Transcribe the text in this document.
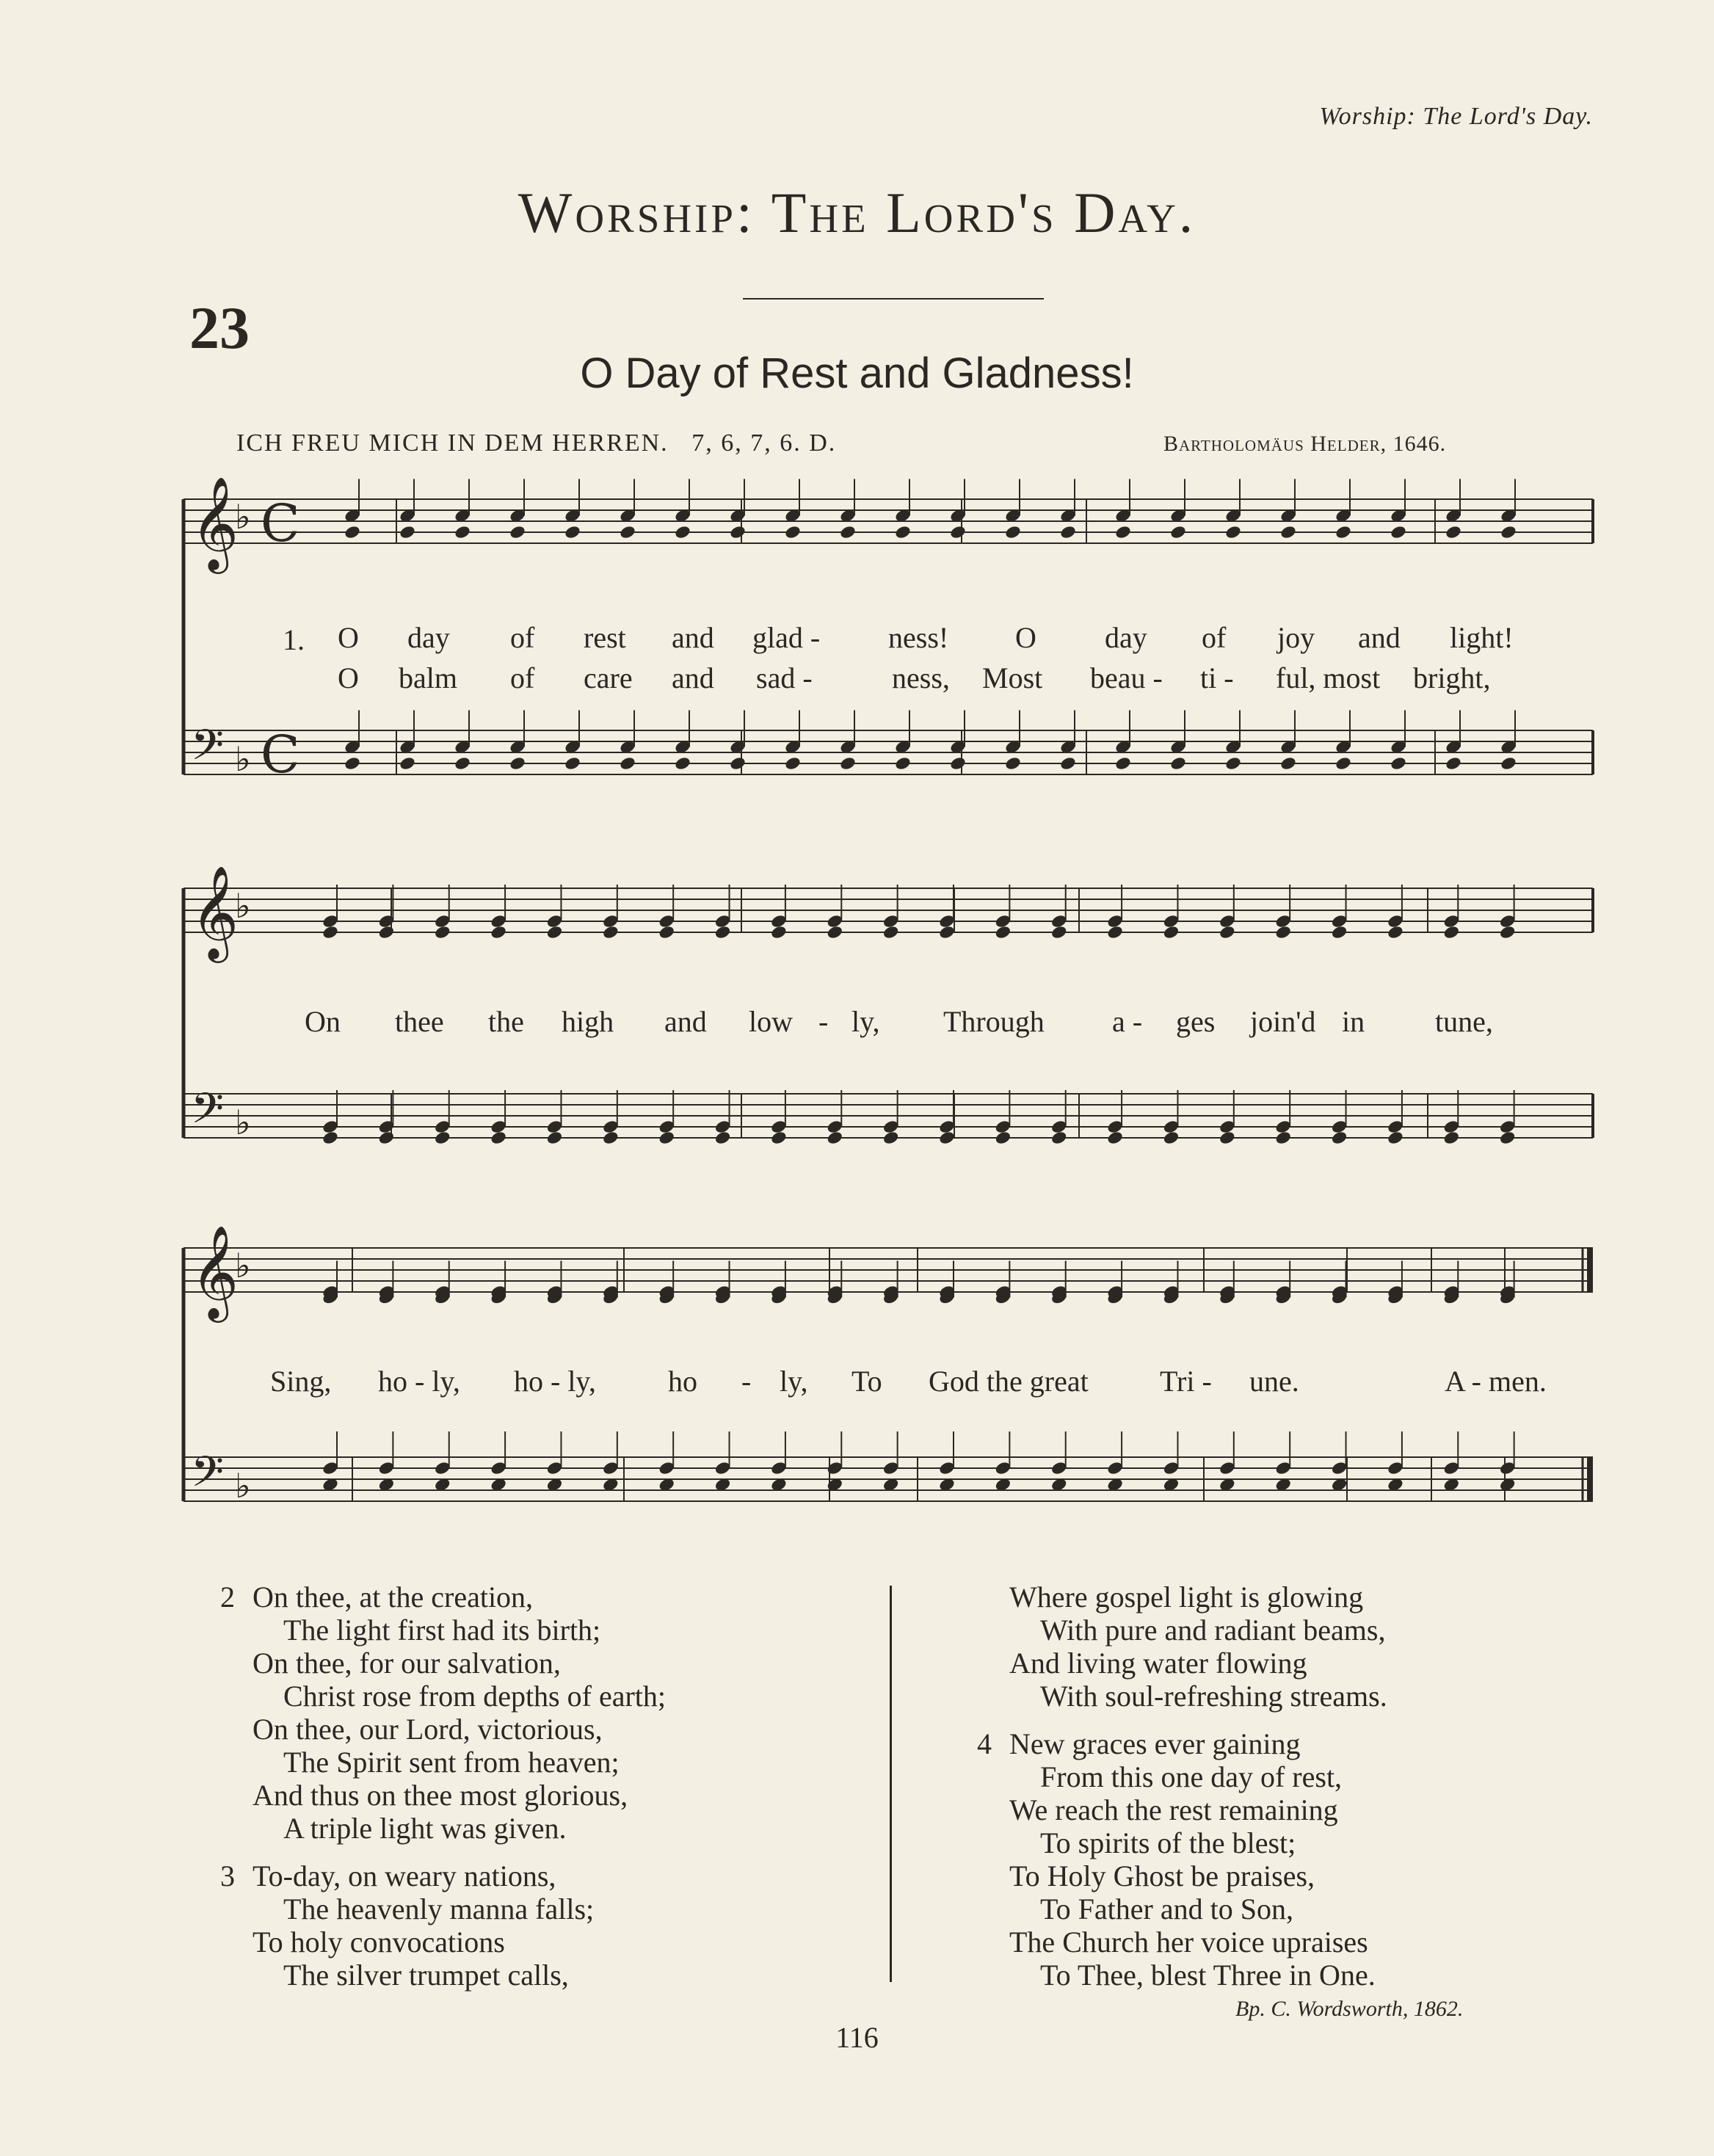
Worship: The Lord's Day.
Worship: The Lord's Day.
23
O Day of Rest and Gladness!
ICH FREU MICH IN DEM HERREN. 7, 6, 7, 6. D.	Bartholomäus Helder, 1646.
𝄞
♭ C
𝄢 ♭ C
𝄞
♭
𝄢 ♭
𝄞
♭
𝄢 ♭
O day of rest and glad - ness! O day of joy and light!
O balm of care and sad -	ness, Most beau - ti - ful, most bright,
On thee the high and low - ly, Through a - ges join'd in tune,
Sing, ho - ly, ho - ly, ho - ly, To God the great Tri - une.	A - men.
1.
2 On thee, at the creation,
The light first had its birth;
On thee, for our salvation,
Christ rose from depths of earth;
On thee, our Lord, victorious,
The Spirit sent from heaven;
And thus on thee most glorious,
A triple light was given.
3 To-day, on weary nations,
The heavenly manna falls;
To holy convocations
The silver trumpet calls,
Where gospel light is glowing
With pure and radiant beams,
And living water flowing
With soul-refreshing streams.
4 New graces ever gaining
From this one day of rest,
We reach the rest remaining
To spirits of the blest;
To Holy Ghost be praises,
To Father and to Son,
The Church her voice upraises
To Thee, blest Three in One.
Bp. C. Wordsworth, 1862.
116
